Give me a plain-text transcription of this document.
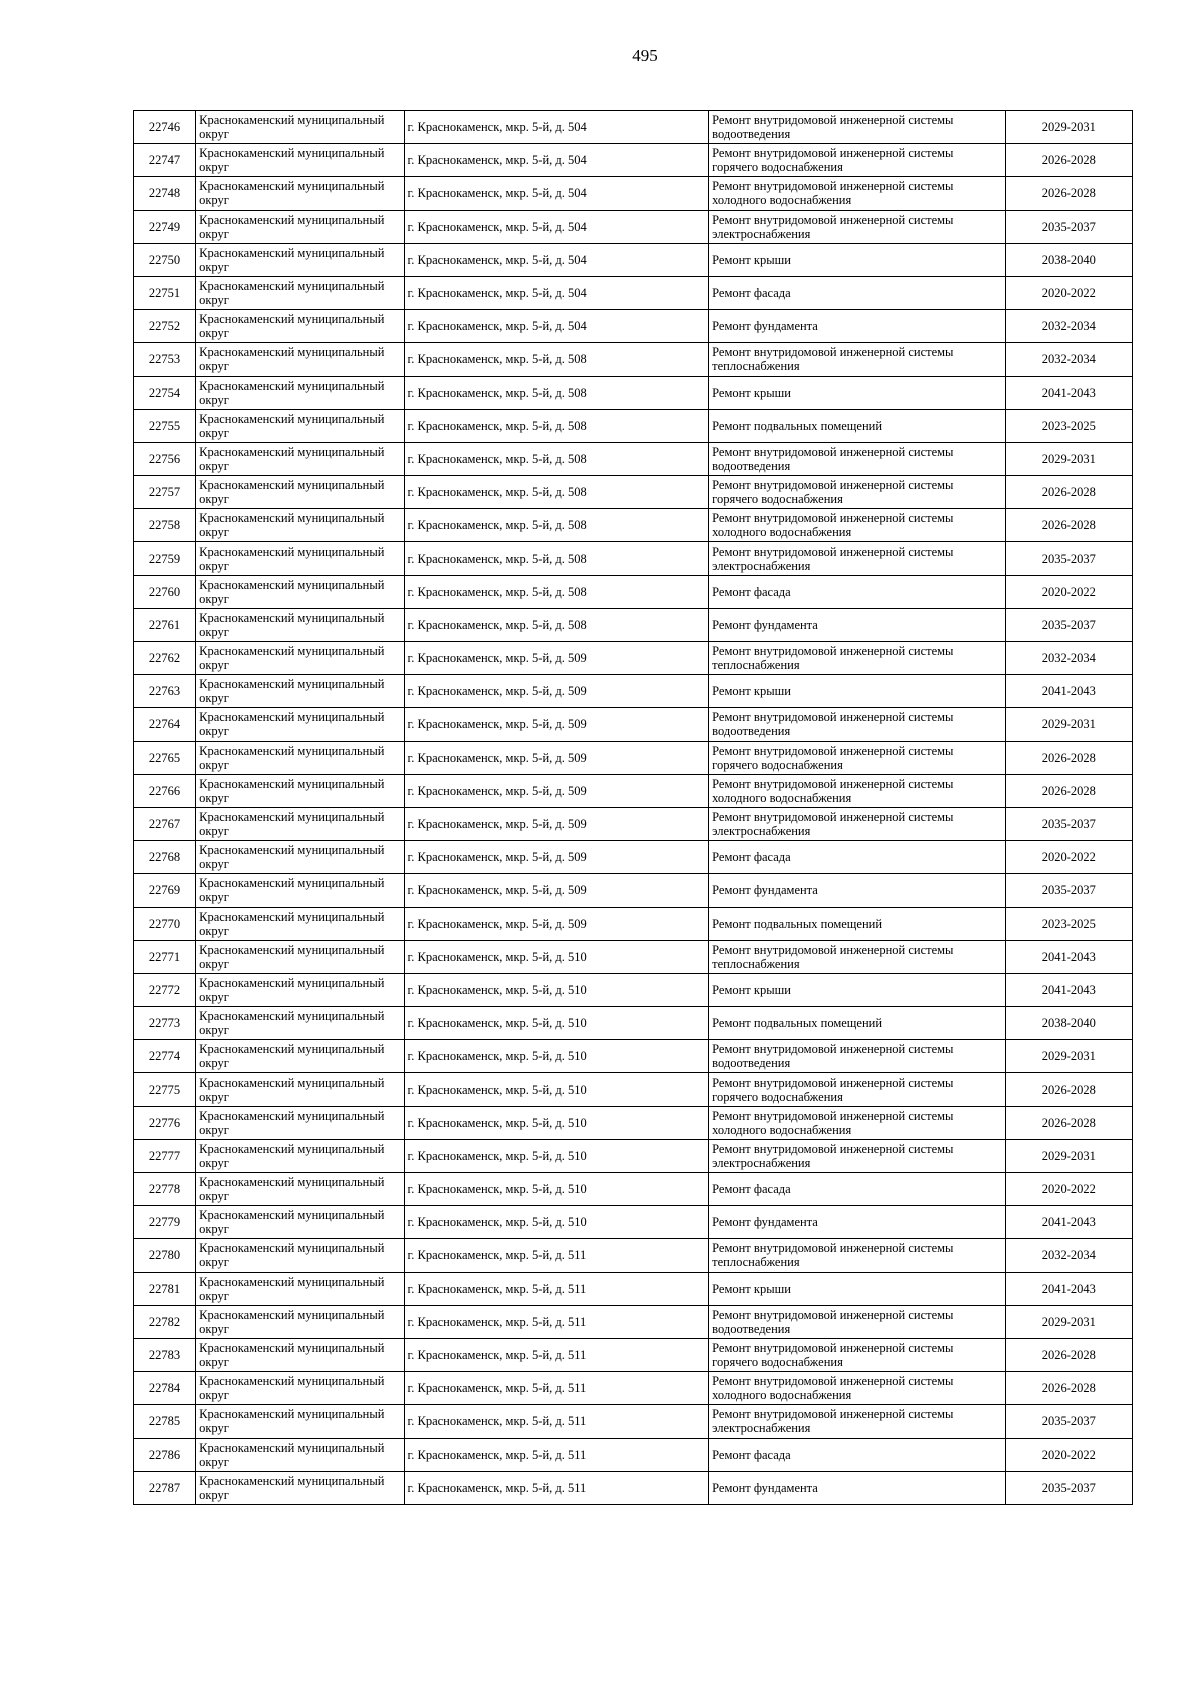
495
22746	Краснокаменский муниципальный округ	г. Краснокаменск, мкр. 5-й, д. 504	Ремонт внутридомовой инженерной системы водоотведения	2029-2031
22747	Краснокаменский муниципальный округ	г. Краснокаменск, мкр. 5-й, д. 504	Ремонт внутридомовой инженерной системы горячего водоснабжения	2026-2028
22748	Краснокаменский муниципальный округ	г. Краснокаменск, мкр. 5-й, д. 504	Ремонт внутридомовой инженерной системы холодного водоснабжения	2026-2028
22749	Краснокаменский муниципальный округ	г. Краснокаменск, мкр. 5-й, д. 504	Ремонт внутридомовой инженерной системы электроснабжения	2035-2037
22750	Краснокаменский муниципальный округ	г. Краснокаменск, мкр. 5-й, д. 504	Ремонт крыши	2038-2040
22751	Краснокаменский муниципальный округ	г. Краснокаменск, мкр. 5-й, д. 504	Ремонт фасада	2020-2022
22752	Краснокаменский муниципальный округ	г. Краснокаменск, мкр. 5-й, д. 504	Ремонт фундамента	2032-2034
22753	Краснокаменский муниципальный округ	г. Краснокаменск, мкр. 5-й, д. 508	Ремонт внутридомовой инженерной системы теплоснабжения	2032-2034
22754	Краснокаменский муниципальный округ	г. Краснокаменск, мкр. 5-й, д. 508	Ремонт крыши	2041-2043
22755	Краснокаменский муниципальный округ	г. Краснокаменск, мкр. 5-й, д. 508	Ремонт подвальных помещений	2023-2025
22756	Краснокаменский муниципальный округ	г. Краснокаменск, мкр. 5-й, д. 508	Ремонт внутридомовой инженерной системы водоотведения	2029-2031
22757	Краснокаменский муниципальный округ	г. Краснокаменск, мкр. 5-й, д. 508	Ремонт внутридомовой инженерной системы горячего водоснабжения	2026-2028
22758	Краснокаменский муниципальный округ	г. Краснокаменск, мкр. 5-й, д. 508	Ремонт внутридомовой инженерной системы холодного водоснабжения	2026-2028
22759	Краснокаменский муниципальный округ	г. Краснокаменск, мкр. 5-й, д. 508	Ремонт внутридомовой инженерной системы электроснабжения	2035-2037
22760	Краснокаменский муниципальный округ	г. Краснокаменск, мкр. 5-й, д. 508	Ремонт фасада	2020-2022
22761	Краснокаменский муниципальный округ	г. Краснокаменск, мкр. 5-й, д. 508	Ремонт фундамента	2035-2037
22762	Краснокаменский муниципальный округ	г. Краснокаменск, мкр. 5-й, д. 509	Ремонт внутридомовой инженерной системы теплоснабжения	2032-2034
22763	Краснокаменский муниципальный округ	г. Краснокаменск, мкр. 5-й, д. 509	Ремонт крыши	2041-2043
22764	Краснокаменский муниципальный округ	г. Краснокаменск, мкр. 5-й, д. 509	Ремонт внутридомовой инженерной системы водоотведения	2029-2031
22765	Краснокаменский муниципальный округ	г. Краснокаменск, мкр. 5-й, д. 509	Ремонт внутридомовой инженерной системы горячего водоснабжения	2026-2028
22766	Краснокаменский муниципальный округ	г. Краснокаменск, мкр. 5-й, д. 509	Ремонт внутридомовой инженерной системы холодного водоснабжения	2026-2028
22767	Краснокаменский муниципальный округ	г. Краснокаменск, мкр. 5-й, д. 509	Ремонт внутридомовой инженерной системы электроснабжения	2035-2037
22768	Краснокаменский муниципальный округ	г. Краснокаменск, мкр. 5-й, д. 509	Ремонт фасада	2020-2022
22769	Краснокаменский муниципальный округ	г. Краснокаменск, мкр. 5-й, д. 509	Ремонт фундамента	2035-2037
22770	Краснокаменский муниципальный округ	г. Краснокаменск, мкр. 5-й, д. 509	Ремонт подвальных помещений	2023-2025
22771	Краснокаменский муниципальный округ	г. Краснокаменск, мкр. 5-й, д. 510	Ремонт внутридомовой инженерной системы теплоснабжения	2041-2043
22772	Краснокаменский муниципальный округ	г. Краснокаменск, мкр. 5-й, д. 510	Ремонт крыши	2041-2043
22773	Краснокаменский муниципальный округ	г. Краснокаменск, мкр. 5-й, д. 510	Ремонт подвальных помещений	2038-2040
22774	Краснокаменский муниципальный округ	г. Краснокаменск, мкр. 5-й, д. 510	Ремонт внутридомовой инженерной системы водоотведения	2029-2031
22775	Краснокаменский муниципальный округ	г. Краснокаменск, мкр. 5-й, д. 510	Ремонт внутридомовой инженерной системы горячего водоснабжения	2026-2028
22776	Краснокаменский муниципальный округ	г. Краснокаменск, мкр. 5-й, д. 510	Ремонт внутридомовой инженерной системы холодного водоснабжения	2026-2028
22777	Краснокаменский муниципальный округ	г. Краснокаменск, мкр. 5-й, д. 510	Ремонт внутридомовой инженерной системы электроснабжения	2029-2031
22778	Краснокаменский муниципальный округ	г. Краснокаменск, мкр. 5-й, д. 510	Ремонт фасада	2020-2022
22779	Краснокаменский муниципальный округ	г. Краснокаменск, мкр. 5-й, д. 510	Ремонт фундамента	2041-2043
22780	Краснокаменский муниципальный округ	г. Краснокаменск, мкр. 5-й, д. 511	Ремонт внутридомовой инженерной системы теплоснабжения	2032-2034
22781	Краснокаменский муниципальный округ	г. Краснокаменск, мкр. 5-й, д. 511	Ремонт крыши	2041-2043
22782	Краснокаменский муниципальный округ	г. Краснокаменск, мкр. 5-й, д. 511	Ремонт внутридомовой инженерной системы водоотведения	2029-2031
22783	Краснокаменский муниципальный округ	г. Краснокаменск, мкр. 5-й, д. 511	Ремонт внутридомовой инженерной системы горячего водоснабжения	2026-2028
22784	Краснокаменский муниципальный округ	г. Краснокаменск, мкр. 5-й, д. 511	Ремонт внутридомовой инженерной системы холодного водоснабжения	2026-2028
22785	Краснокаменский муниципальный округ	г. Краснокаменск, мкр. 5-й, д. 511	Ремонт внутридомовой инженерной системы электроснабжения	2035-2037
22786	Краснокаменский муниципальный округ	г. Краснокаменск, мкр. 5-й, д. 511	Ремонт фасада	2020-2022
22787	Краснокаменский муниципальный округ	г. Краснокаменск, мкр. 5-й, д. 511	Ремонт фундамента	2035-2037
